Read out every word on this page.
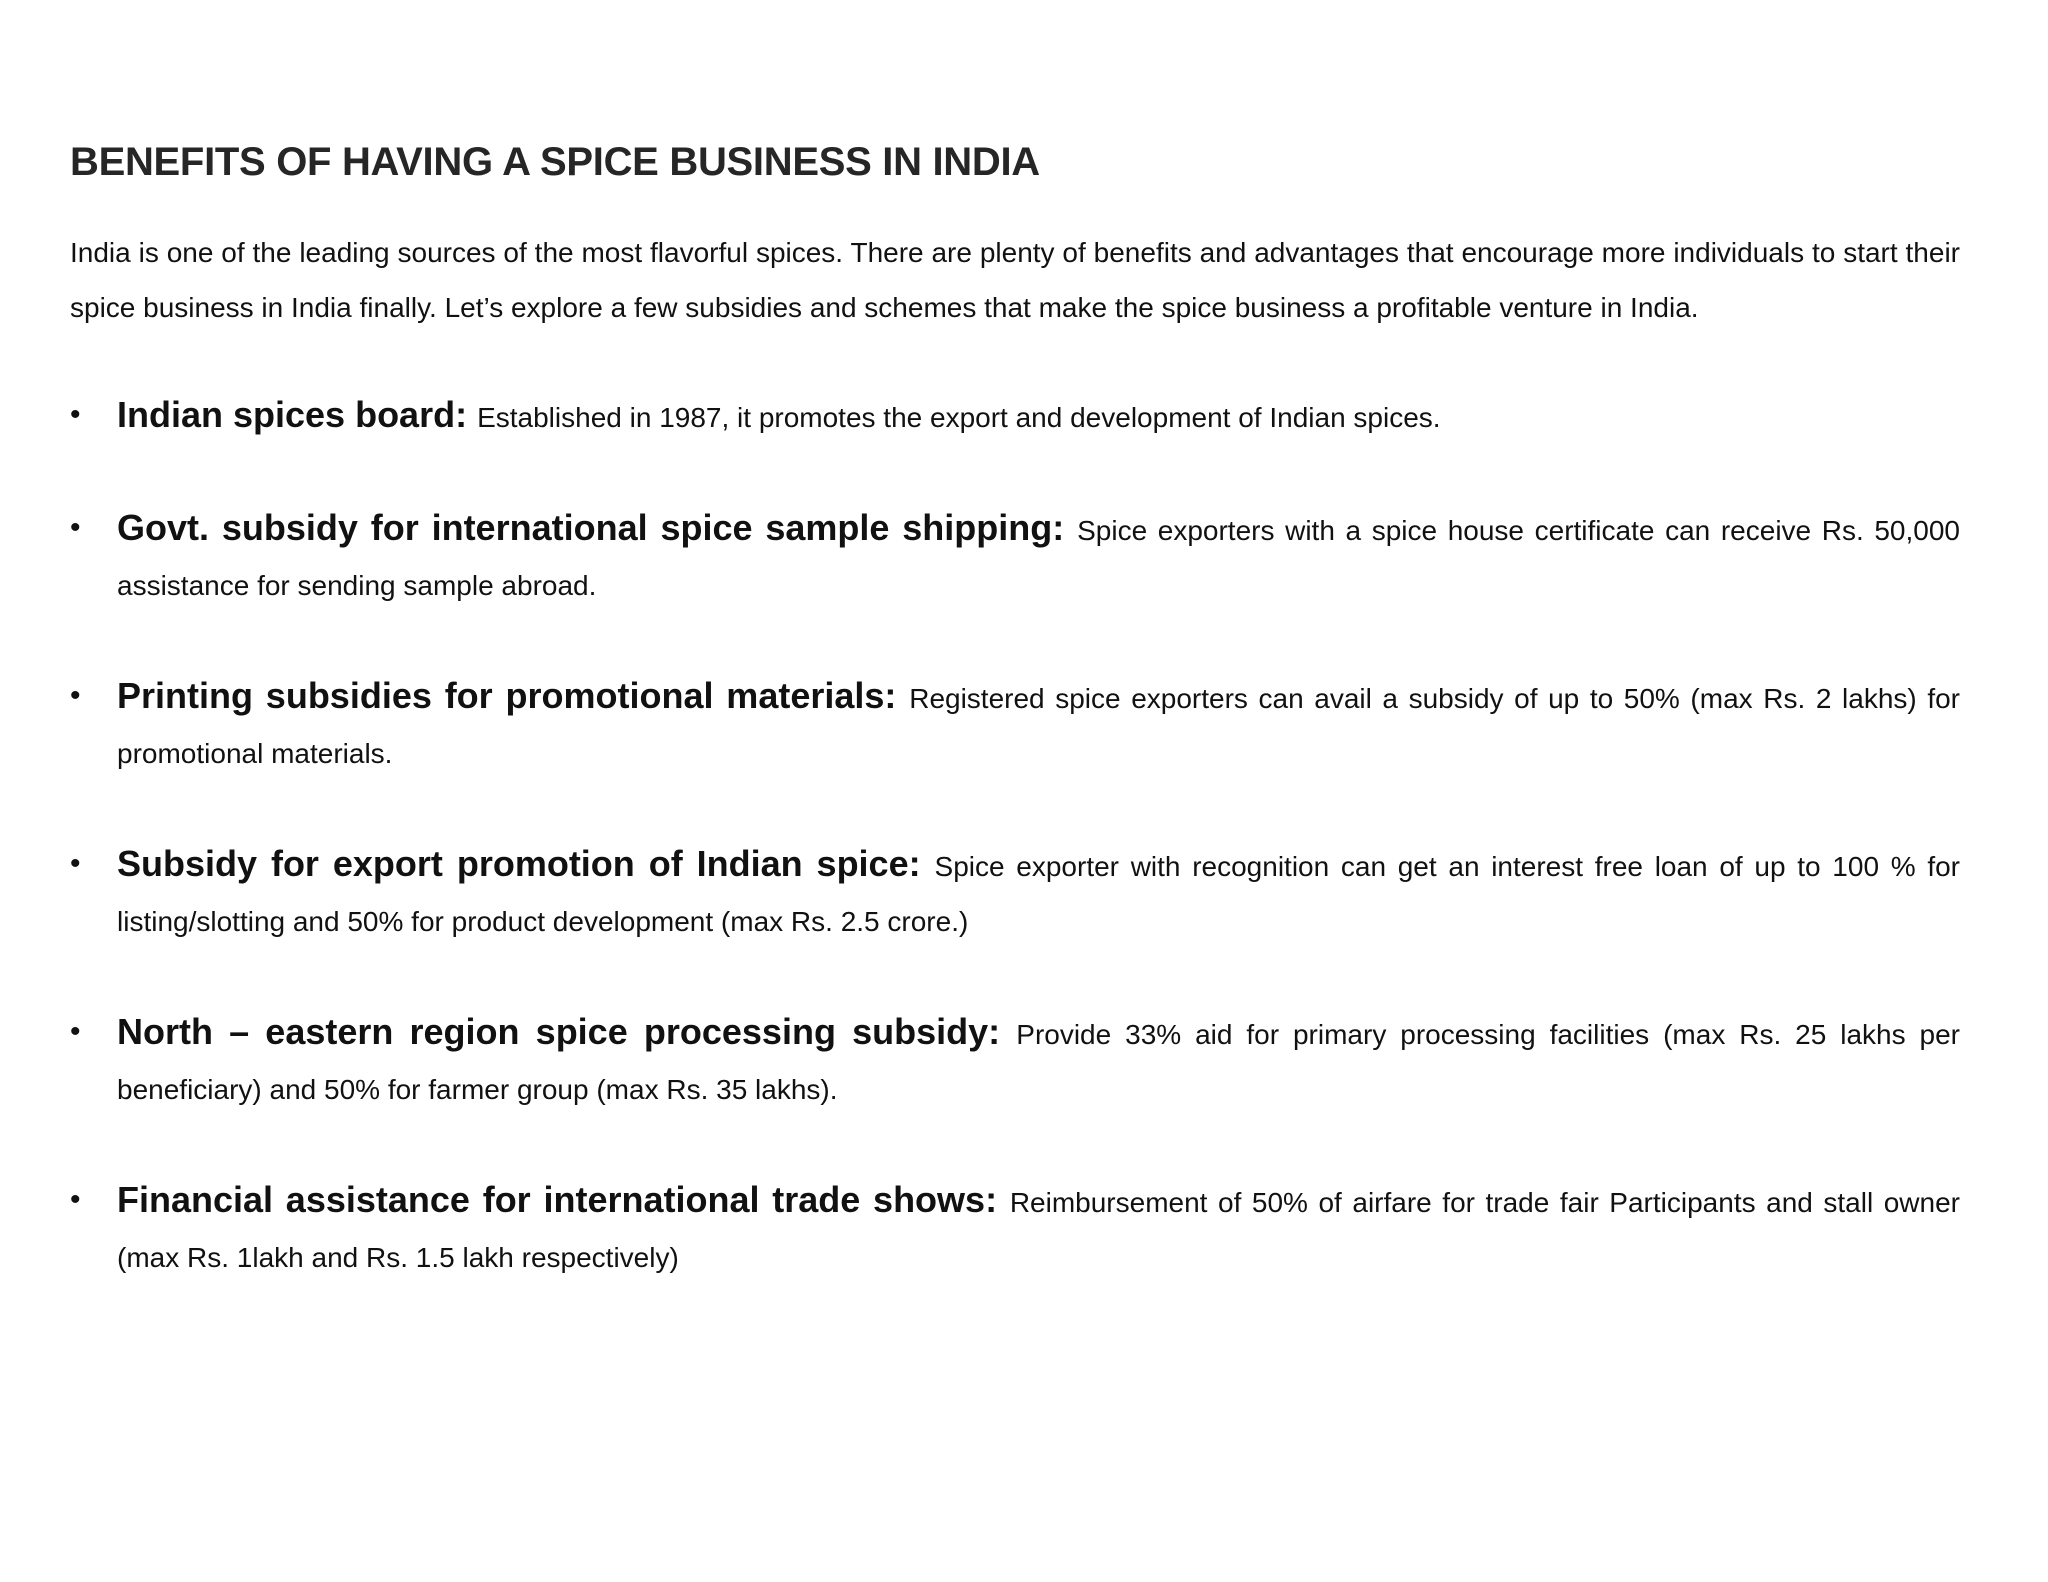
BENEFITS OF HAVING A SPICE BUSINESS IN INDIA

India is one of the leading sources of the most flavorful spices. There are plenty of benefits and advantages that encourage more individuals to start their spice business in India finally. Let’s explore a few subsidies and schemes that make the spice business a profitable venture in India.

• Indian spices board: Established in 1987, it promotes the export and development of Indian spices.
• Govt. subsidy for international spice sample shipping: Spice exporters with a spice house certificate can receive Rs. 50,000 assistance for sending sample abroad.
• Printing subsidies for promotional materials: Registered spice exporters can avail a subsidy of up to 50% (max Rs. 2 lakhs) for promotional materials.
• Subsidy for export promotion of Indian spice: Spice exporter with recognition can get an interest free loan of up to 100 % for listing/slotting and 50% for product development (max Rs. 2.5 crore.)
• North – eastern region spice processing subsidy: Provide 33% aid for primary processing facilities (max Rs. 25 lakhs per beneficiary) and 50% for farmer group (max Rs. 35 lakhs).
• Financial assistance for international trade shows: Reimbursement of 50% of airfare for trade fair Participants and stall owner (max Rs. 1lakh and Rs. 1.5 lakh respectively)
